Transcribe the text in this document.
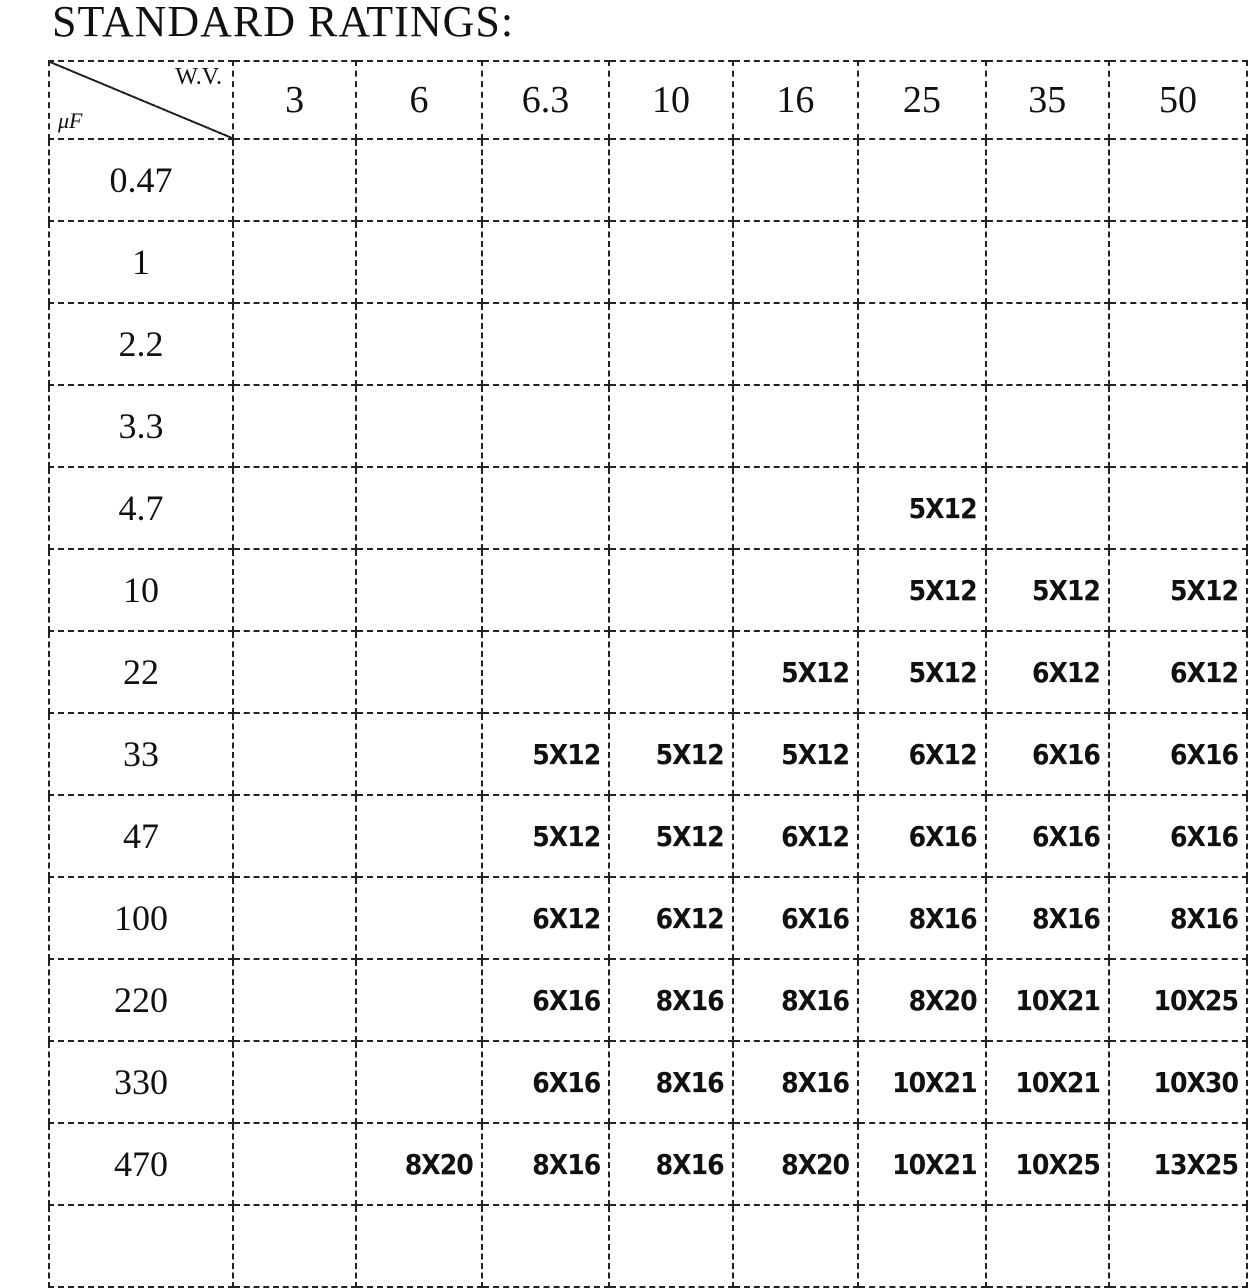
STANDARD RATINGS:
W.V.
μF	3	6	6.3	10	16	25	35	50
0.47								
1								
2.2								
3.3								
4.7						5X12		
10						5X12	5X12	5X12
22					5X12	5X12	6X12	6X12
33			5X12	5X12	5X12	6X12	6X16	6X16
47			5X12	5X12	6X12	6X16	6X16	6X16
100			6X12	6X12	6X16	8X16	8X16	8X16
220			6X16	8X16	8X16	8X20	10X21	10X25
330			6X16	8X16	8X16	10X21	10X21	10X30
470		8X20	8X16	8X16	8X20	10X21	10X25	13X25
